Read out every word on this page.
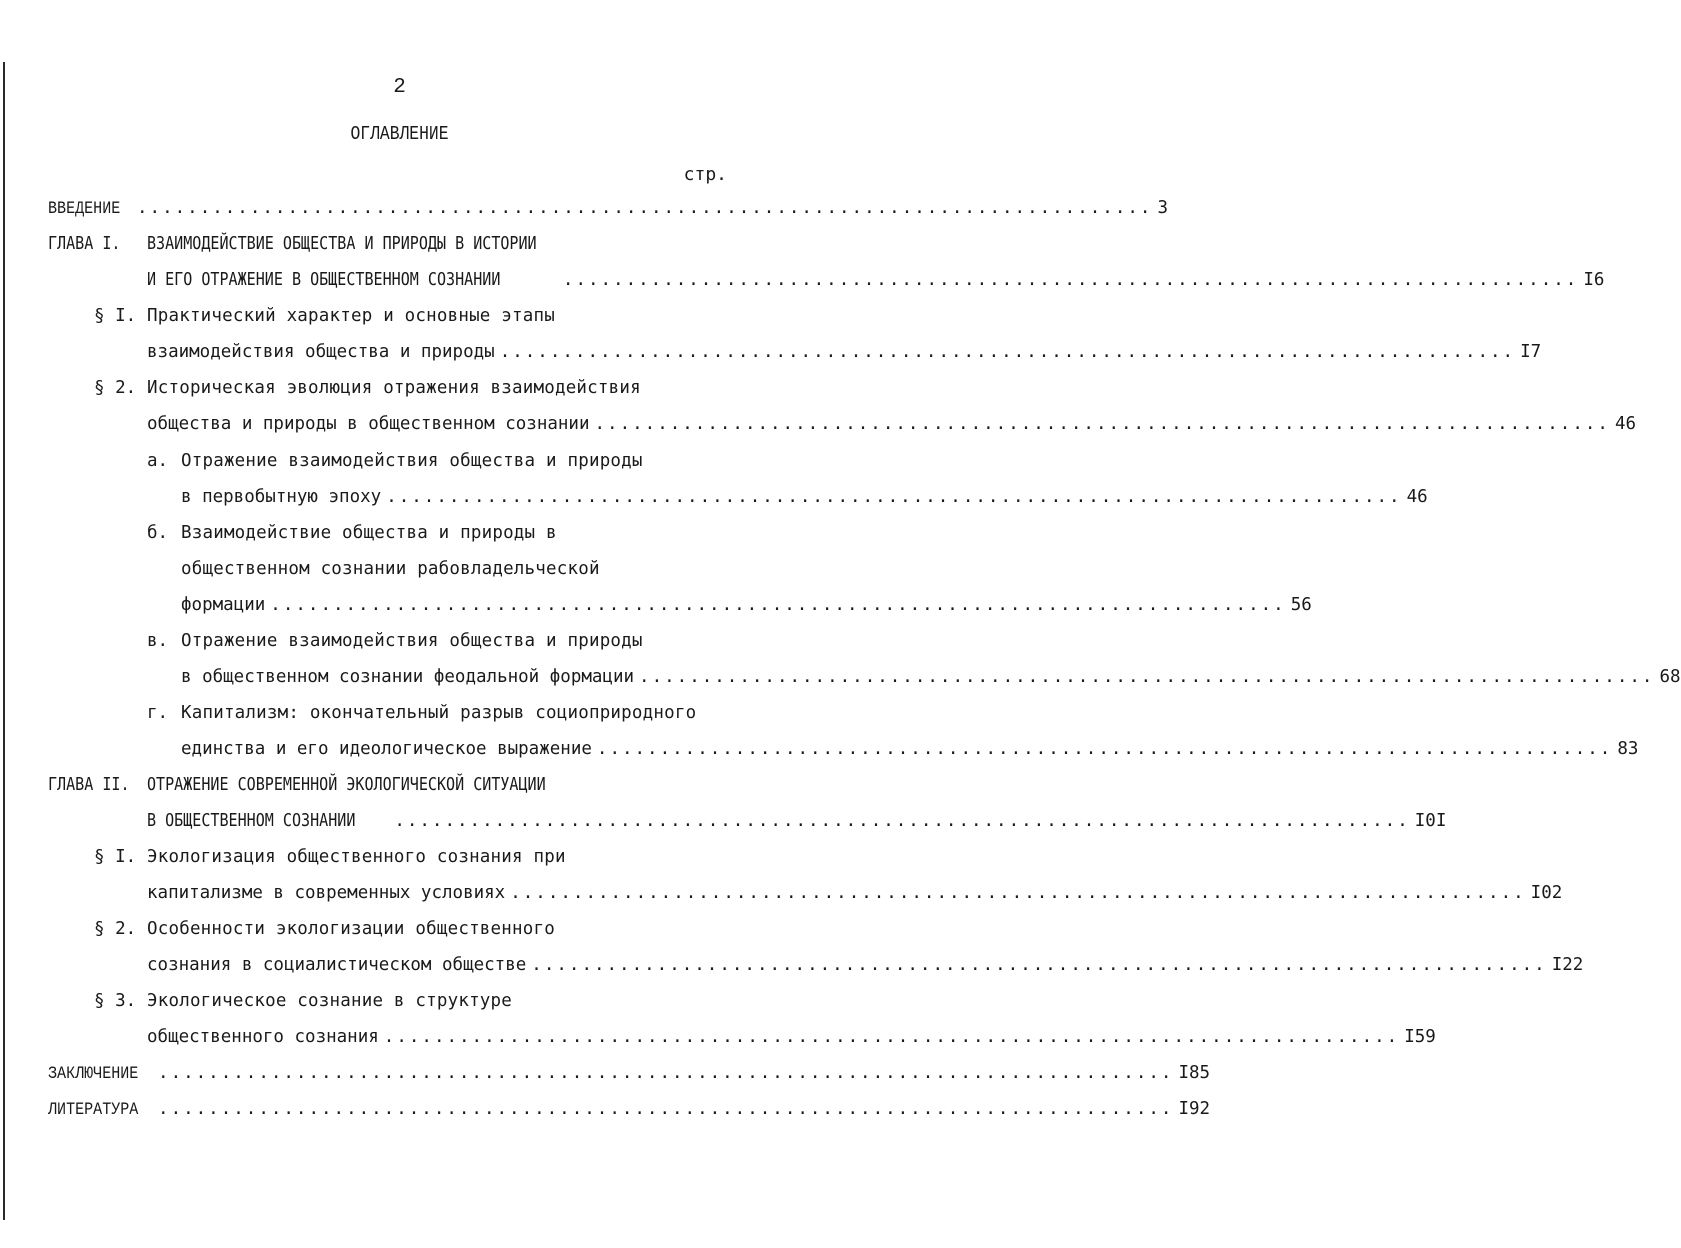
2
ОГЛАВЛЕНИЕ
стр.
ВВЕДЕНИЕ ................................................................................. 3
ГЛАВА I.	ВЗАИМОДЕЙСТВИЕ ОБЩЕСТВА И ПРИРОДЫ В ИСТОРИИ
И ЕГО ОТРАЖЕНИЕ В ОБЩЕСТВЕННОМ СОЗНАНИИ	................................................................................. I6
§ I. Практический характер и основные этапы
взаимодействия общества и природы ................................................................................. I7
§ 2. Историческая эволюция отражения взаимодействия
общества и природы в общественном сознании ................................................................................. 46
а. Отражение взаимодействия общества и природы
в первобытную эпоху ................................................................................. 46
б. Взаимодействие общества и природы в
общественном сознании рабовладельческой
формации ................................................................................. 56
в. Отражение взаимодействия общества и природы
в общественном сознании феодальной формации ................................................................................. 68
г. Капитализм: окончательный разрыв социоприродного
единства и его идеологическое выражение ................................................................................. 83
ГЛАВА II. ОТРАЖЕНИЕ СОВРЕМЕННОЙ ЭКОЛОГИЧЕСКОЙ СИТУАЦИИ
В ОБЩЕСТВЕННОМ СОЗНАНИИ	................................................................................. I0I
§ I. Экологизация общественного сознания при
капитализме в современных условиях ................................................................................. I02
§ 2. Особенности экологизации общественного
сознания в социалистическом обществе ................................................................................. I22
§ 3. Экологическое сознание в структуре
общественного сознания ................................................................................. I59
ЗАКЛЮЧЕНИЕ	................................................................................. I85
ЛИТЕРАТУРА	................................................................................. I92
